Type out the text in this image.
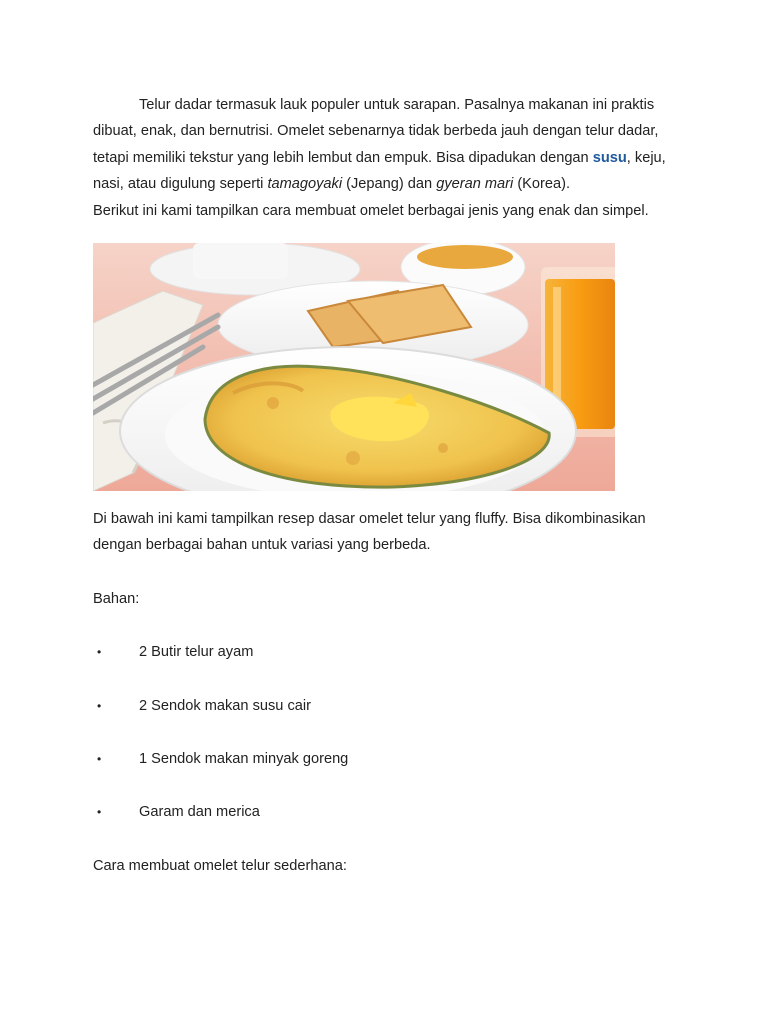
Telur dadar termasuk lauk populer untuk sarapan. Pasalnya makanan ini praktis dibuat, enak, dan bernutrisi. Omelet sebenarnya tidak berbeda jauh dengan telur dadar, tetapi memiliki tekstur yang lebih lembut dan empuk. Bisa dipadukan dengan susu, keju, nasi, atau digulung seperti tamagoyaki (Jepang) dan gyeran mari (Korea).

Berikut ini kami tampilkan cara membuat omelet berbagai jenis yang enak dan simpel.

Di bawah ini kami tampilkan resep dasar omelet telur yang fluffy. Bisa dikombinasikan dengan berbagai bahan untuk variasi yang berbeda.

Bahan:

•	2 Butir telur ayam
•	2 Sendok makan susu cair
•	1 Sendok makan minyak goreng
•	Garam dan merica

Cara membuat omelet telur sederhana:
